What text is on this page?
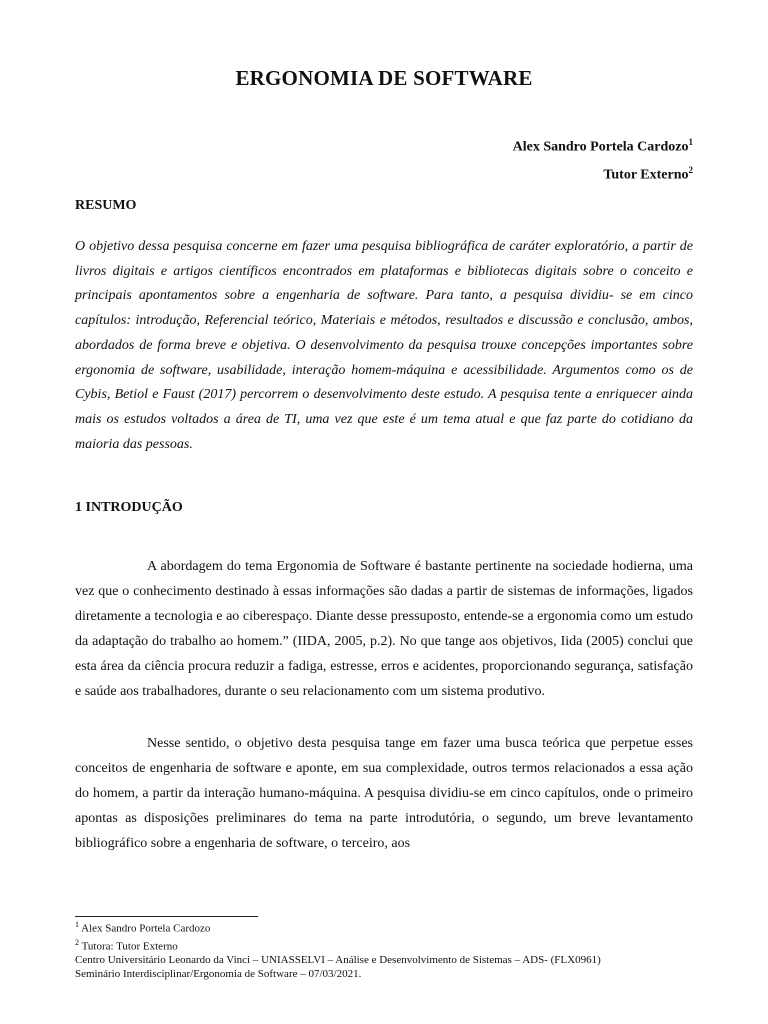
ERGONOMIA DE SOFTWARE
Alex Sandro Portela Cardozo$^1$
Tutor Externo$^2$
RESUMO

O objetivo dessa pesquisa concerne em fazer uma pesquisa bibliográfica de caráter exploratório, a partir de livros digitais e artigos científicos encontrados em plataformas e bibliotecas digitais sobre o conceito e principais apontamentos sobre a engenharia de software. Para tanto, a pesquisa dividiu- se em cinco capítulos: introdução, Referencial teórico, Materiais e métodos, resultados e discussão e conclusão, ambos, abordados de forma breve e objetiva. O desenvolvimento da pesquisa trouxe concepções importantes sobre ergonomia de software, usabilidade, interação homem-máquina e acessibilidade. Argumentos como os de Cybis, Betiol e Faust (2017) percorrem o desenvolvimento deste estudo. A pesquisa tente a enriquecer ainda mais os estudos voltados a área de TI, uma vez que este é um tema atual e que faz parte do cotidiano da maioria das pessoas.

1 INTRODUÇÃO

A abordagem do tema Ergonomia de Software é bastante pertinente na sociedade hodierna, uma vez que o conhecimento destinado à essas informações são dadas a partir de sistemas de informações, ligados diretamente a tecnologia e ao ciberespaço. Diante desse pressuposto, entende-se a ergonomia como um estudo da adaptação do trabalho ao homem.” (IIDA, 2005, p.2). No que tange aos objetivos, Iida (2005) conclui que esta área da ciência procura reduzir a fadiga, estresse, erros e acidentes, proporcionando segurança, satisfação e saúde aos trabalhadores, durante o seu relacionamento com um sistema produtivo.

Nesse sentido, o objetivo desta pesquisa tange em fazer uma busca teórica que perpetue esses conceitos de engenharia de software e aponte, em sua complexidade, outros termos relacionados a essa ação do homem, a partir da interação humano-máquina. A pesquisa dividiu-se em cinco capítulos, onde o primeiro apontas as disposições preliminares do tema na parte introdutória, o segundo, um breve levantamento bibliográfico sobre a engenharia de software, o terceiro, aos

$^1$ Alex Sandro Portela Cardozo
$^2$ Tutora: Tutor Externo
Centro Universitário Leonardo da Vinci – UNIASSELVI – Análise e Desenvolvimento de Sistemas – ADS- (FLX0961)
Seminário Interdisciplinar/Ergonomia de Software – 07/03/2021.
